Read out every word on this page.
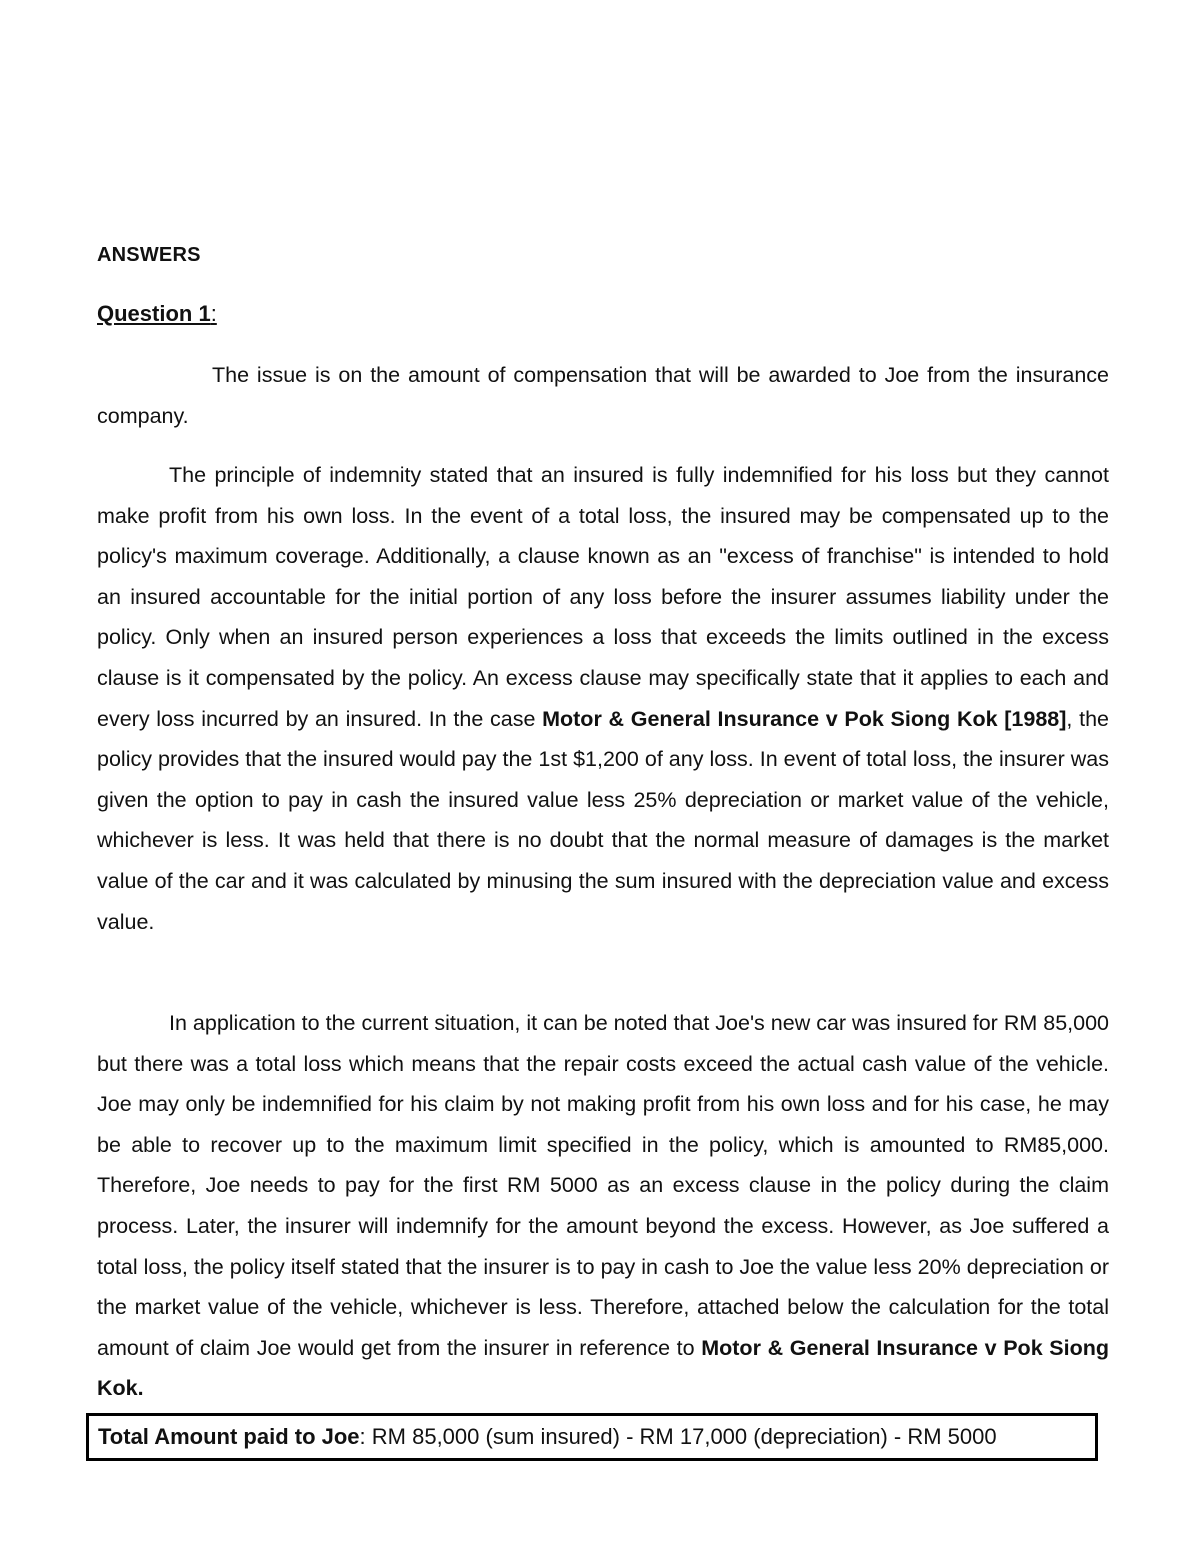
ANSWERS
Question 1:

The issue is on the amount of compensation that will be awarded to Joe from the insurance company.

The principle of indemnity stated that an insured is fully indemnified for his loss but they cannot make profit from his own loss. In the event of a total loss, the insured may be compensated up to the policy's maximum coverage. Additionally, a clause known as an "excess of franchise" is intended to hold an insured accountable for the initial portion of any loss before the insurer assumes liability under the policy. Only when an insured person experiences a loss that exceeds the limits outlined in the excess clause is it compensated by the policy. An excess clause may specifically state that it applies to each and every loss incurred by an insured. In the case Motor & General Insurance v Pok Siong Kok [1988], the policy provides that the insured would pay the 1st $1,200 of any loss. In event of total loss, the insurer was given the option to pay in cash the insured value less 25% depreciation or market value of the vehicle, whichever is less. It was held that there is no doubt that the normal measure of damages is the market value of the car and it was calculated by minusing the sum insured with the depreciation value and excess value.

In application to the current situation, it can be noted that Joe's new car was insured for RM 85,000 but there was a total loss which means that the repair costs exceed the actual cash value of the vehicle. Joe may only be indemnified for his claim by not making profit from his own loss and for his case, he may be able to recover up to the maximum limit specified in the policy, which is amounted to RM85,000. Therefore, Joe needs to pay for the first RM 5000 as an excess clause in the policy during the claim process. Later, the insurer will indemnify for the amount beyond the excess. However, as Joe suffered a total loss, the policy itself stated that the insurer is to pay in cash to Joe the value less 20% depreciation or the market value of the vehicle, whichever is less. Therefore, attached below the calculation for the total amount of claim Joe would get from the insurer in reference to Motor & General Insurance v Pok Siong Kok.

Total Amount paid to Joe: RM 85,000 (sum insured) - RM 17,000 (depreciation) - RM 5000
